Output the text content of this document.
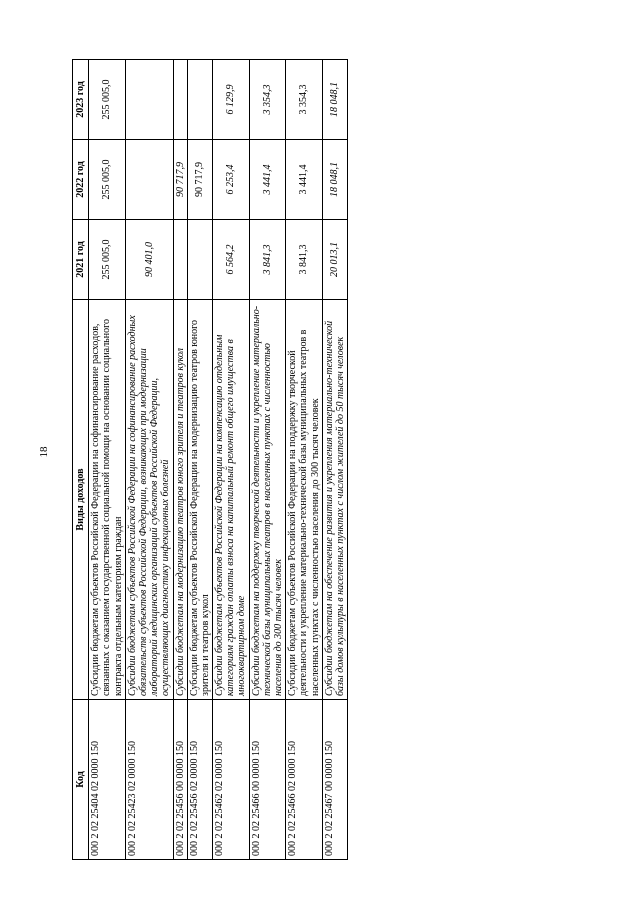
18
Код	Виды доходов	2021 год	2022 год	2023 год
000 2 02 25404 02 0000 150	Субсидии бюджетам субъектов Российской Федерации на софинансирование расходов, связанных с оказанием государственной социальной помощи на основании социального контракта отдельным категориям граждан	255 005,0	255 005,0	255 005,0
000 2 02 25423 02 0000 150	Субсидии бюджетам субъектов Российской Федерации на софинансирование расходных обязательств субъектов Российской Федерации, возникающих при модернизации лабораторий медицинских организаций субъектов Российской Федерации, осуществляющих диагностику инфекционных болезней	90 401,0		
000 2 02 25456 00 0000 150	Субсидии бюджетам на модернизацию театров юного зрителя и театров кукол		90 717,9	
000 2 02 25456 02 0000 150	Субсидии бюджетам субъектов Российской Федерации на модернизацию театров юного зрителя и театров кукол		90 717,9	
000 2 02 25462 02 0000 150	Субсидии бюджетам субъектов Российской Федерации на компенсацию отдельным категориям граждан оплаты взноса на капитальный ремонт общего имущества в многоквартирном доме	6 564,2	6 253,4	6 129,9
000 2 02 25466 00 0000 150	Субсидии бюджетам на поддержку творческой деятельности и укрепление материально-технической базы муниципальных театров в населенных пунктах с численностью населения до 300 тысяч человек	3 841,3	3 441,4	3 354,3
000 2 02 25466 02 0000 150	Субсидии бюджетам субъектов Российской Федерации на поддержку творческой деятельности и укрепление материально-технической базы муниципальных театров в населенных пунктах с численностью населения до 300 тысяч человек	3 841,3	3 441,4	3 354,3
000 2 02 25467 00 0000 150	Субсидии бюджетам на обеспечение развития и укрепления материально-технической базы домов культуры в населенных пунктах с числом жителей до 50 тысяч человек	20 013,1	18 048,1	18 048,1
